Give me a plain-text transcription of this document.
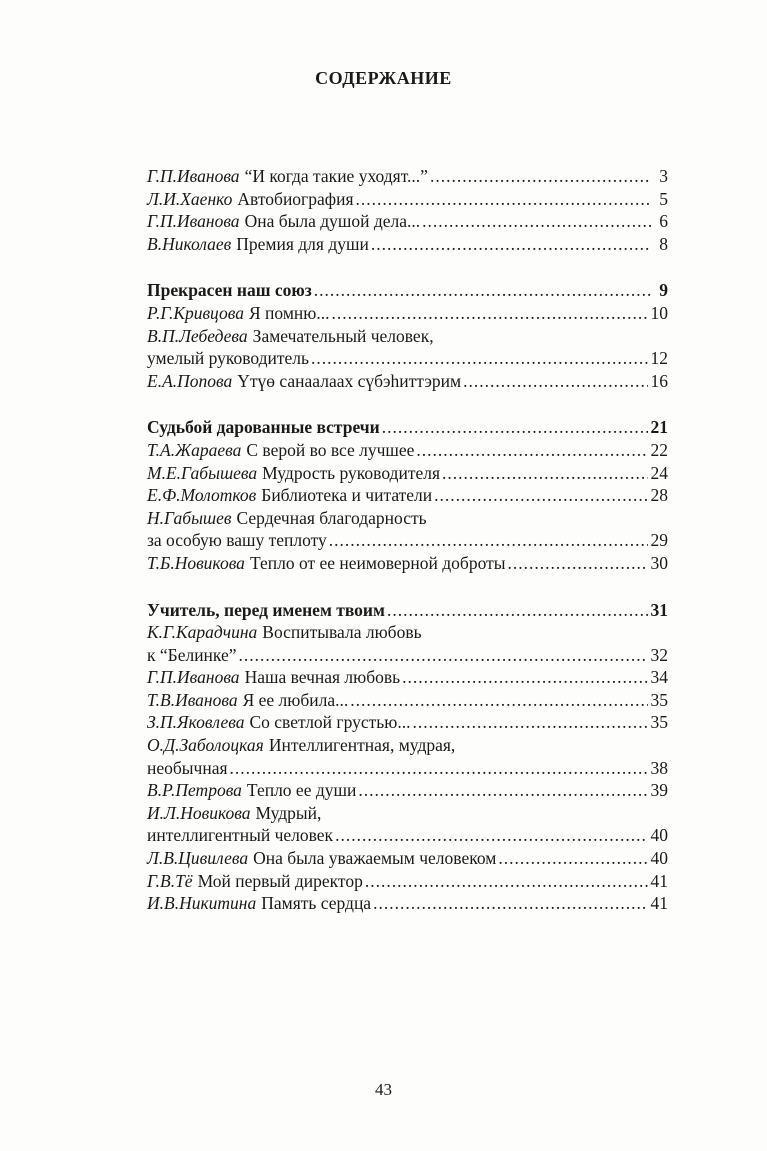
СОДЕРЖАНИЕ
Г.П.Иванова “И когда такие уходят...” .....	3
Л.И.Хаенко Автобиография .....	5
Г.П.Иванова Она была душой дела... .....	6
В.Николаев Премия для души .....	8
Прекрасен наш союз .....	9
Р.Г.Кривцова Я помню... .....	10
В.П.Лебедева Замечательный человек,
умелый руководитель .....	12
Е.А.Попова Үтүө санаалаах сүбэһиттэрим .....	16
Судьбой дарованные встречи .....	21
Т.А.Жараева С верой во все лучшее .....	22
М.Е.Габышева Мудрость руководителя .....	24
Е.Ф.Молотков Библиотека и читатели .....	28
Н.Габышев Сердечная благодарность
за особую вашу теплоту .....	29
Т.Б.Новикова Тепло от ее неимоверной доброты .....	30
Учитель, перед именем твоим .....	31
К.Г.Карадчина Воспитывала любовь
к “Белинке” .....	32
Г.П.Иванова Наша вечная любовь .....	34
Т.В.Иванова Я ее любила... .....	35
З.П.Яковлева Со светлой грустью... .....	35
О.Д.Заболоцкая Интеллигентная, мудрая,
необычная .....	38
В.Р.Петрова Тепло ее души .....	39
И.Л.Новикова Мудрый,
интеллигентный человек .....	40
Л.В.Цивилева Она была уважаемым человеком .....	40
Г.В.Тё Мой первый директор .....	41
И.В.Никитина Память сердца .....	41
43
